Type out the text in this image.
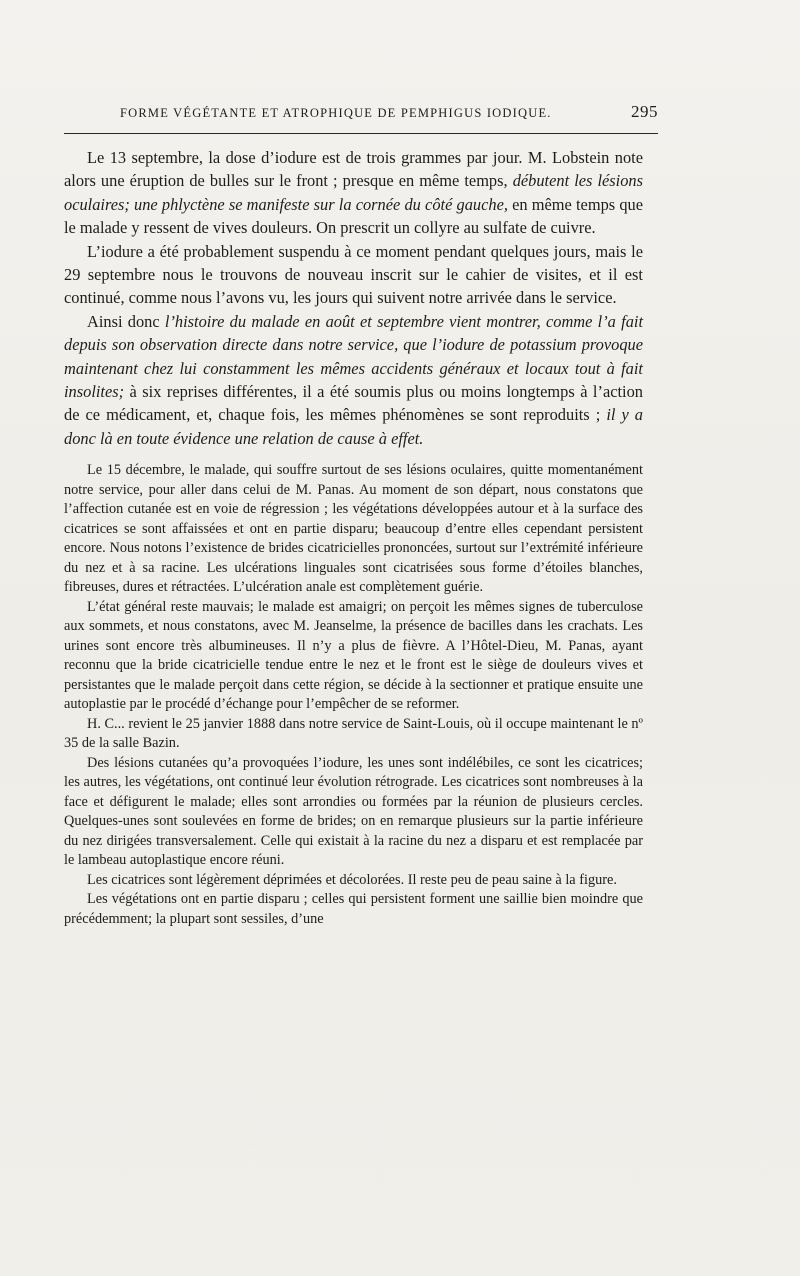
FORME VÉGÉTANTE ET ATROPHIQUE DE PEMPHIGUS IODIQUE.	295

Le 13 septembre, la dose d’iodure est de trois grammes par jour. M. Lobstein note alors une éruption de bulles sur le front ; presque en même temps, débutent les lésions oculaires; une phlyctène se manifeste sur la cornée du côté gauche, en même temps que le malade y ressent de vives douleurs. On prescrit un collyre au sulfate de cuivre.

L’iodure a été probablement suspendu à ce moment pendant quelques jours, mais le 29 septembre nous le trouvons de nouveau inscrit sur le cahier de visites, et il est continué, comme nous l’avons vu, les jours qui suivent notre arrivée dans le service.

Ainsi donc l’histoire du malade en août et septembre vient montrer, comme l’a fait depuis son observation directe dans notre service, que l’iodure de potassium provoque maintenant chez lui constamment les mêmes accidents généraux et locaux tout à fait insolites; à six reprises différentes, il a été soumis plus ou moins longtemps à l’action de ce médicament, et, chaque fois, les mêmes phénomènes se sont reproduits ; il y a donc là en toute évidence une relation de cause à effet.

Le 15 décembre, le malade, qui souffre surtout de ses lésions oculaires, quitte momentanément notre service, pour aller dans celui de M. Panas. Au moment de son départ, nous constatons que l’affection cutanée est en voie de régression ; les végétations développées autour et à la surface des cicatrices se sont affaissées et ont en partie disparu; beaucoup d’entre elles cependant persistent encore. Nous notons l’existence de brides cicatricielles prononcées, surtout sur l’extrémité inférieure du nez et à sa racine. Les ulcérations linguales sont cicatrisées sous forme d’étoiles blanches, fibreuses, dures et rétractées. L’ulcération anale est complètement guérie.

L’état général reste mauvais; le malade est amaigri; on perçoit les mêmes signes de tuberculose aux sommets, et nous constatons, avec M. Jeanselme, la présence de bacilles dans les crachats. Les urines sont encore très albumineuses. Il n’y a plus de fièvre. A l’Hôtel-Dieu, M. Panas, ayant reconnu que la bride cicatricielle tendue entre le nez et le front est le siège de douleurs vives et persistantes que le malade perçoit dans cette région, se décide à la sectionner et pratique ensuite une autoplastie par le procédé d’échange pour l’empêcher de se reformer.

H. C... revient le 25 janvier 1888 dans notre service de Saint-Louis, où il occupe maintenant le nº 35 de la salle Bazin.

Des lésions cutanées qu’a provoquées l’iodure, les unes sont indélébiles, ce sont les cicatrices; les autres, les végétations, ont continué leur évolution rétrograde. Les cicatrices sont nombreuses à la face et défigurent le malade; elles sont arrondies ou formées par la réunion de plusieurs cercles. Quelques-unes sont soulevées en forme de brides; on en remarque plusieurs sur la partie inférieure du nez dirigées transversalement. Celle qui existait à la racine du nez a disparu et est remplacée par le lambeau autoplastique encore réuni.

Les cicatrices sont légèrement déprimées et décolorées. Il reste peu de peau saine à la figure.

Les végétations ont en partie disparu ; celles qui persistent forment une saillie bien moindre que précédemment; la plupart sont sessiles, d’une
